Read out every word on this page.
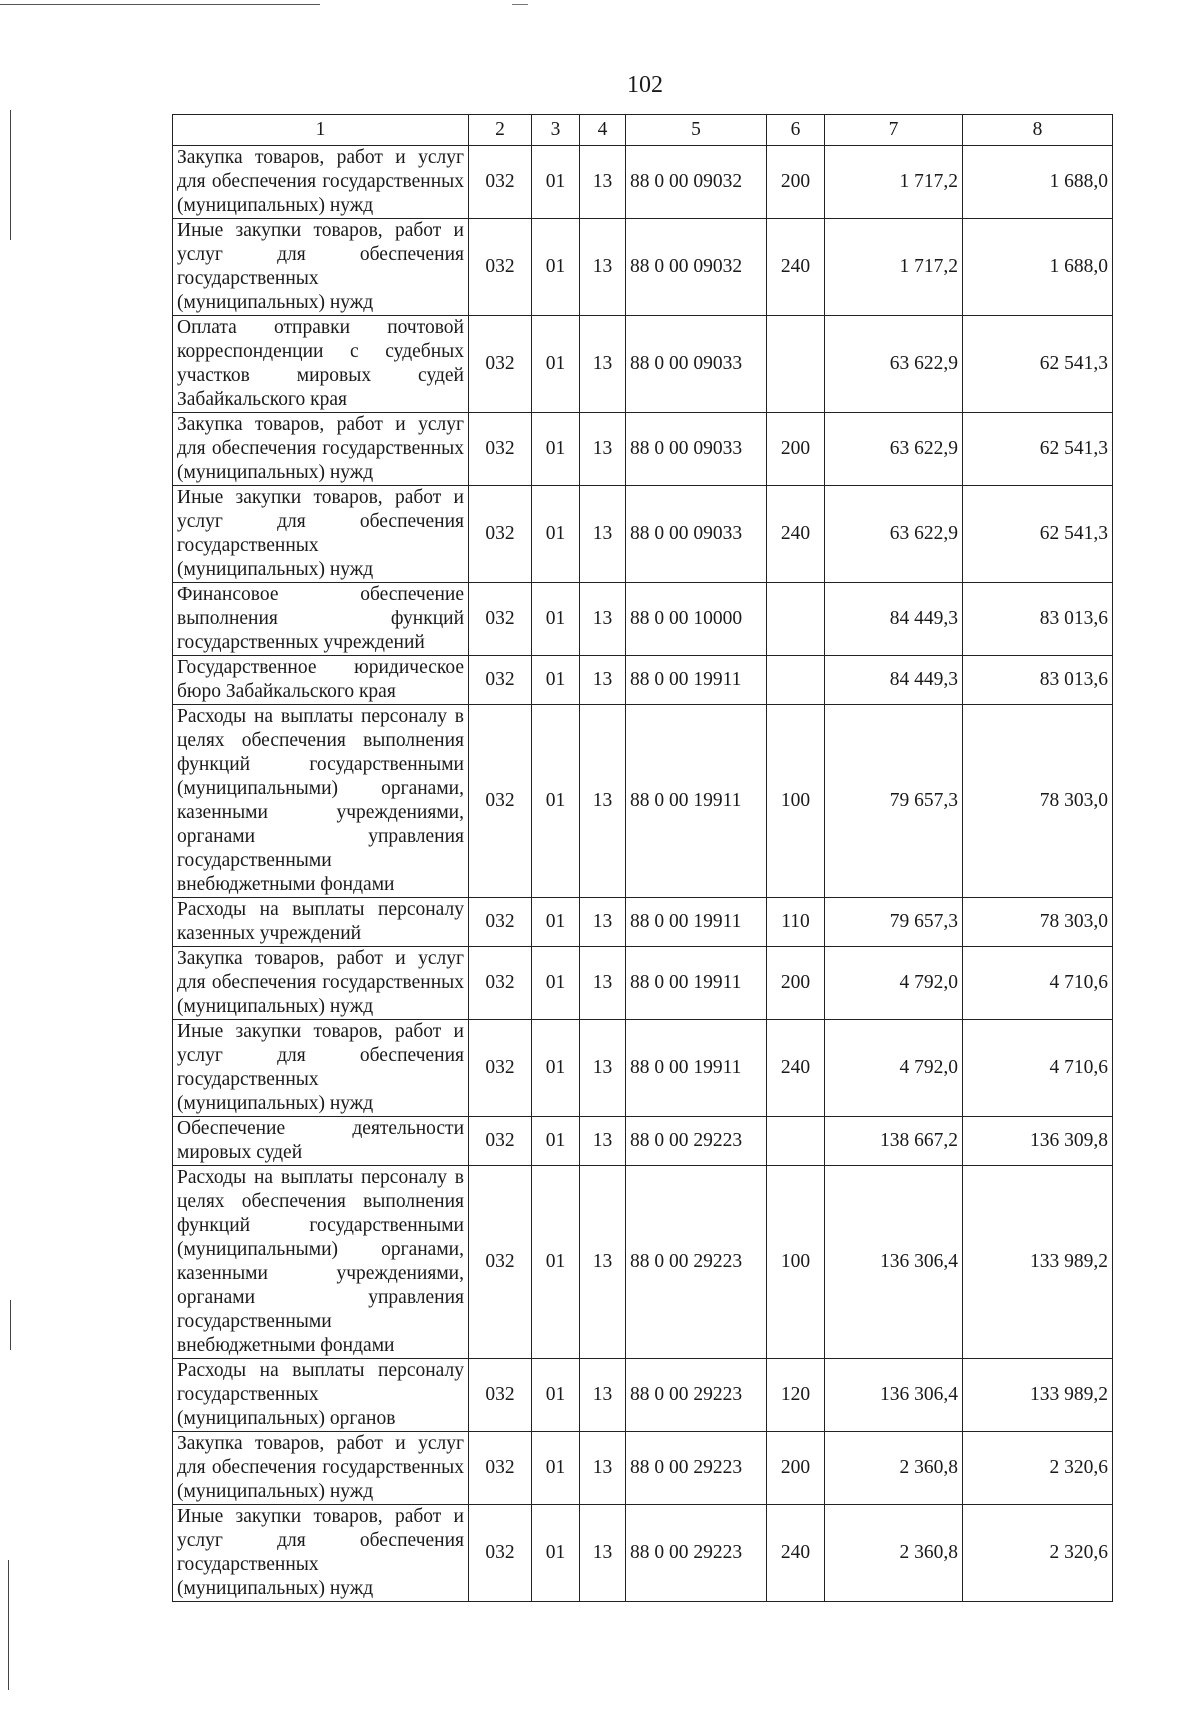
102
1	2	3	4	5	6	7	8
Закупка товаров, работ и услуг для обеспечения государственных (муниципальных) нужд	032	01	13	88 0 00 09032	200	1 717,2	1 688,0
Иные закупки товаров, работ и услуг для обеспечения государственных (муниципальных) нужд	032	01	13	88 0 00 09032	240	1 717,2	1 688,0
Оплата отправки почтовой корреспонденции с судебных участков мировых судей Забайкальского края	032	01	13	88 0 00 09033		63 622,9	62 541,3
Закупка товаров, работ и услуг для обеспечения государственных (муниципальных) нужд	032	01	13	88 0 00 09033	200	63 622,9	62 541,3
Иные закупки товаров, работ и услуг для обеспечения государственных (муниципальных) нужд	032	01	13	88 0 00 09033	240	63 622,9	62 541,3
Финансовое обеспечение выполнения функций государственных учреждений	032	01	13	88 0 00 10000		84 449,3	83 013,6
Государственное юридическое бюро Забайкальского края	032	01	13	88 0 00 19911		84 449,3	83 013,6
Расходы на выплаты персоналу в целях обеспечения выполнения функций государственными (муниципальными) органами, казенными учреждениями, органами управления государственными внебюджетными фондами	032	01	13	88 0 00 19911	100	79 657,3	78 303,0
Расходы на выплаты персоналу казенных учреждений	032	01	13	88 0 00 19911	110	79 657,3	78 303,0
Закупка товаров, работ и услуг для обеспечения государственных (муниципальных) нужд	032	01	13	88 0 00 19911	200	4 792,0	4 710,6
Иные закупки товаров, работ и услуг для обеспечения государственных (муниципальных) нужд	032	01	13	88 0 00 19911	240	4 792,0	4 710,6
Обеспечение деятельности мировых судей	032	01	13	88 0 00 29223		138 667,2	136 309,8
Расходы на выплаты персоналу в целях обеспечения выполнения функций государственными (муниципальными) органами, казенными учреждениями, органами управления государственными внебюджетными фондами	032	01	13	88 0 00 29223	100	136 306,4	133 989,2
Расходы на выплаты персоналу государственных (муниципальных) органов	032	01	13	88 0 00 29223	120	136 306,4	133 989,2
Закупка товаров, работ и услуг для обеспечения государственных (муниципальных) нужд	032	01	13	88 0 00 29223	200	2 360,8	2 320,6
Иные закупки товаров, работ и услуг для обеспечения государственных (муниципальных) нужд	032	01	13	88 0 00 29223	240	2 360,8	2 320,6
